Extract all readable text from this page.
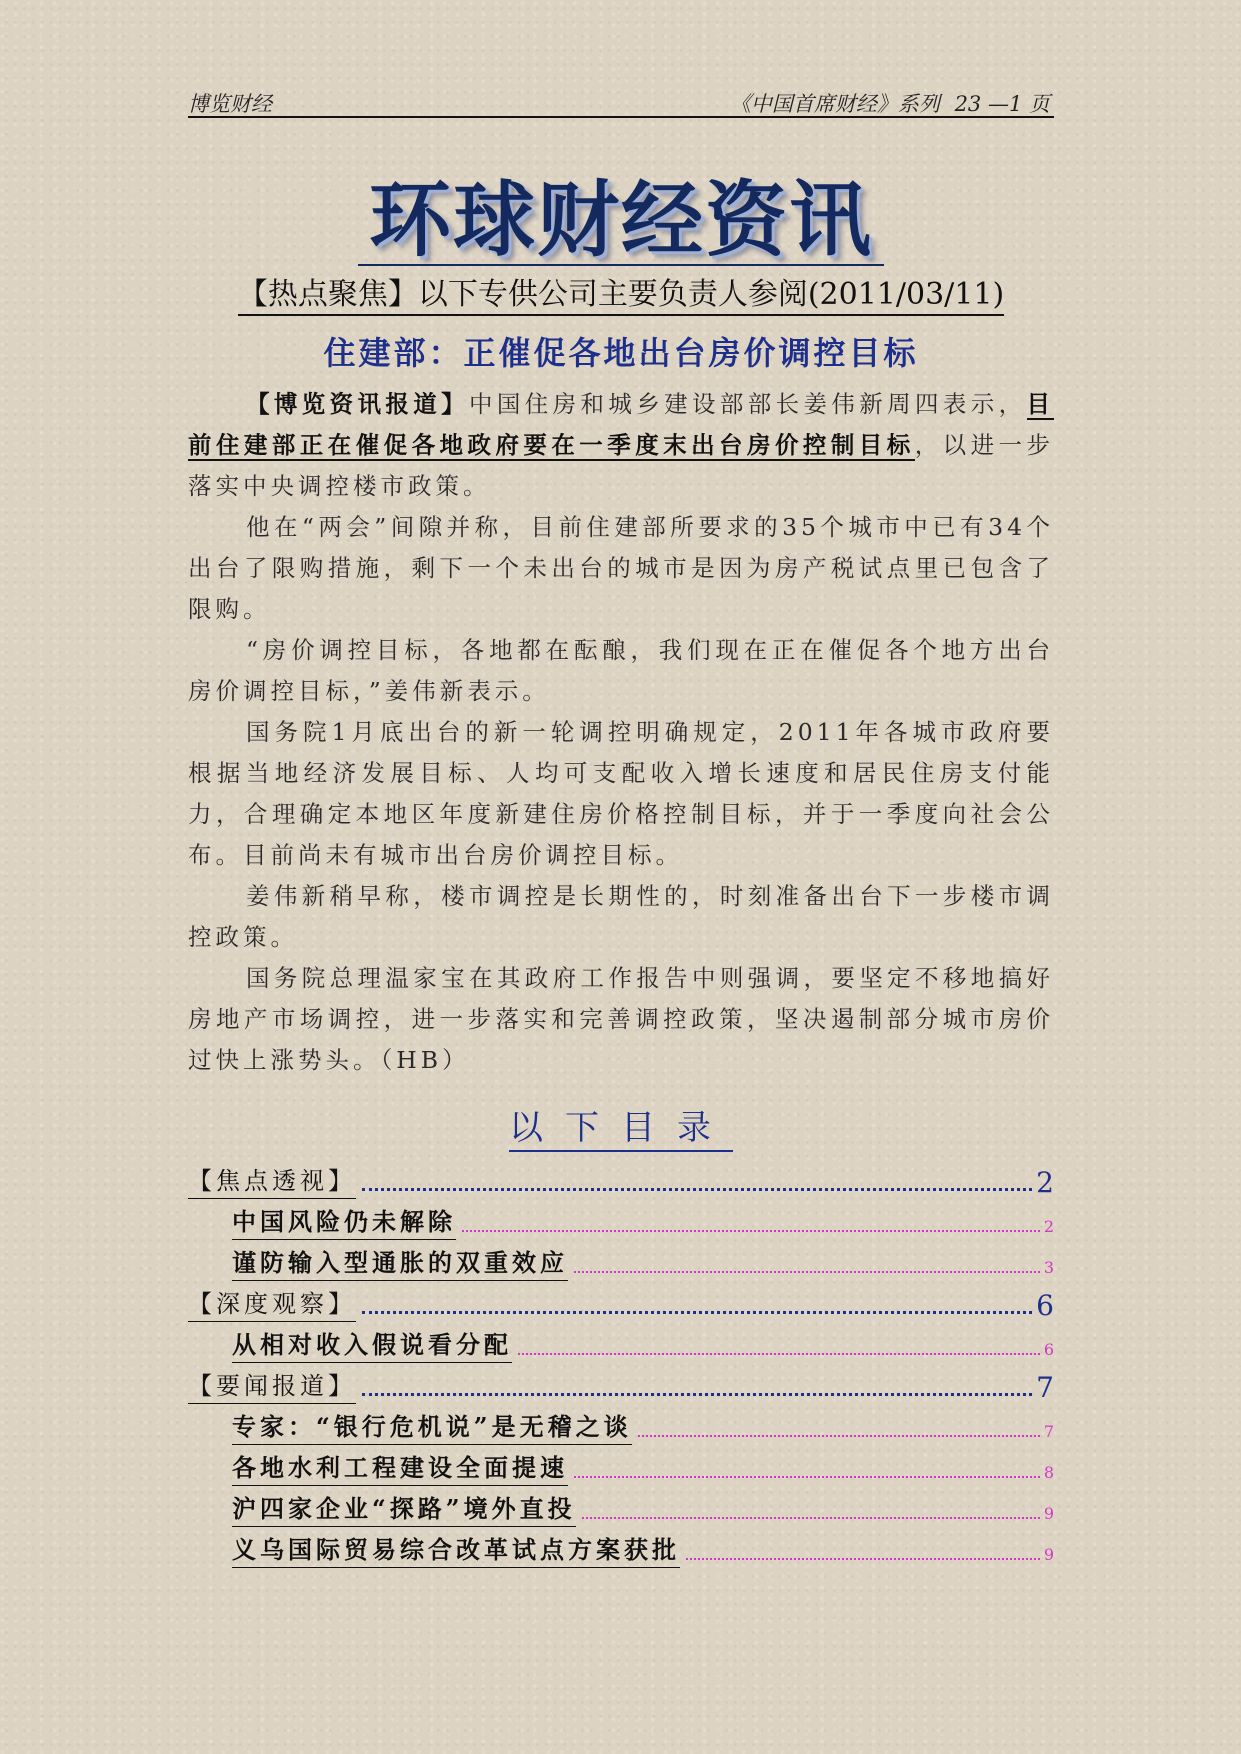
博览财经	《中国首席财经》系列 23 —1 页
环球财经资讯
【热点聚焦】以下专供公司主要负责人参阅(2011/03/11)
住建部：正催促各地出台房价调控目标

【博览资讯报道】中国住房和城乡建设部部长姜伟新周四表示，目前住建部正在催促各地政府要在一季度末出台房价控制目标，以进一步落实中央调控楼市政策。

他在“两会”间隙并称，目前住建部所要求的35个城市中已有34个出台了限购措施，剩下一个未出台的城市是因为房产税试点里已包含了限购。

“房价调控目标，各地都在酝酿，我们现在正在催促各个地方出台房价调控目标，”姜伟新表示。

国务院1月底出台的新一轮调控明确规定，2011年各城市政府要根据当地经济发展目标、人均可支配收入增长速度和居民住房支付能力，合理确定本地区年度新建住房价格控制目标，并于一季度向社会公布。目前尚未有城市出台房价调控目标。

姜伟新稍早称，楼市调控是长期性的，时刻准备出台下一步楼市调控政策。

国务院总理温家宝在其政府工作报告中则强调，要坚定不移地搞好房地产市场调控，进一步落实和完善调控政策，坚决遏制部分城市房价过快上涨势头。（HB）

以下目录
【焦点透视】	2
中国风险仍未解除	2
谨防输入型通胀的双重效应	3
【深度观察】	6
从相对收入假说看分配	6
【要闻报道】	7
专家：“银行危机说”是无稽之谈	7
各地水利工程建设全面提速	8
沪四家企业“探路”境外直投	9
义乌国际贸易综合改革试点方案获批	9
